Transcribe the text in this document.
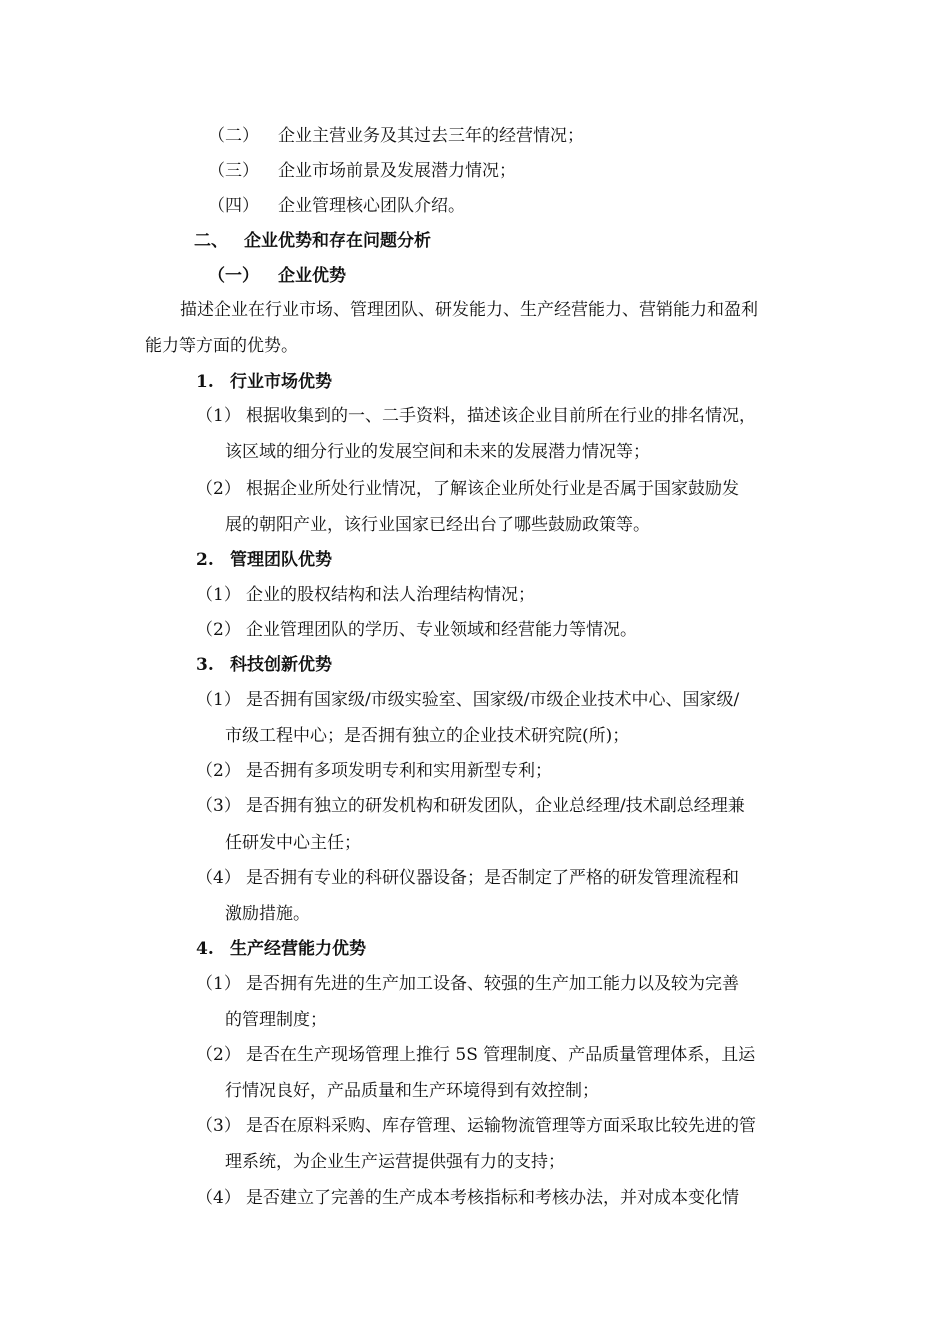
（二） 企业主营业务及其过去三年的经营情况；
（三） 企业市场前景及发展潜力情况；
（四） 企业管理核心团队介绍。
二、 企业优势和存在问题分析
（一） 企业优势
描述企业在行业市场、管理团队、研发能力、生产经营能力、营销能力和盈利
能力等方面的优势。
1. 行业市场优势
（1） 根据收集到的一、二手资料，描述该企业目前所在行业的排名情况，
该区域的细分行业的发展空间和未来的发展潜力情况等；
（2） 根据企业所处行业情况，了解该企业所处行业是否属于国家鼓励发
展的朝阳产业，该行业国家已经出台了哪些鼓励政策等。
2. 管理团队优势
（1） 企业的股权结构和法人治理结构情况；
（2） 企业管理团队的学历、专业领域和经营能力等情况。
3. 科技创新优势
（1） 是否拥有国家级/市级实验室、国家级/市级企业技术中心、国家级/
市级工程中心；是否拥有独立的企业技术研究院(所)；
（2） 是否拥有多项发明专利和实用新型专利；
（3） 是否拥有独立的研发机构和研发团队，企业总经理/技术副总经理兼
任研发中心主任；
（4） 是否拥有专业的科研仪器设备；是否制定了严格的研发管理流程和
激励措施。
4. 生产经营能力优势
（1） 是否拥有先进的生产加工设备、较强的生产加工能力以及较为完善
的管理制度；
（2） 是否在生产现场管理上推行 5S 管理制度、产品质量管理体系，且运
行情况良好，产品质量和生产环境得到有效控制；
（3） 是否在原料采购、库存管理、运输物流管理等方面采取比较先进的管
理系统，为企业生产运营提供强有力的支持；
（4） 是否建立了完善的生产成本考核指标和考核办法，并对成本变化情
